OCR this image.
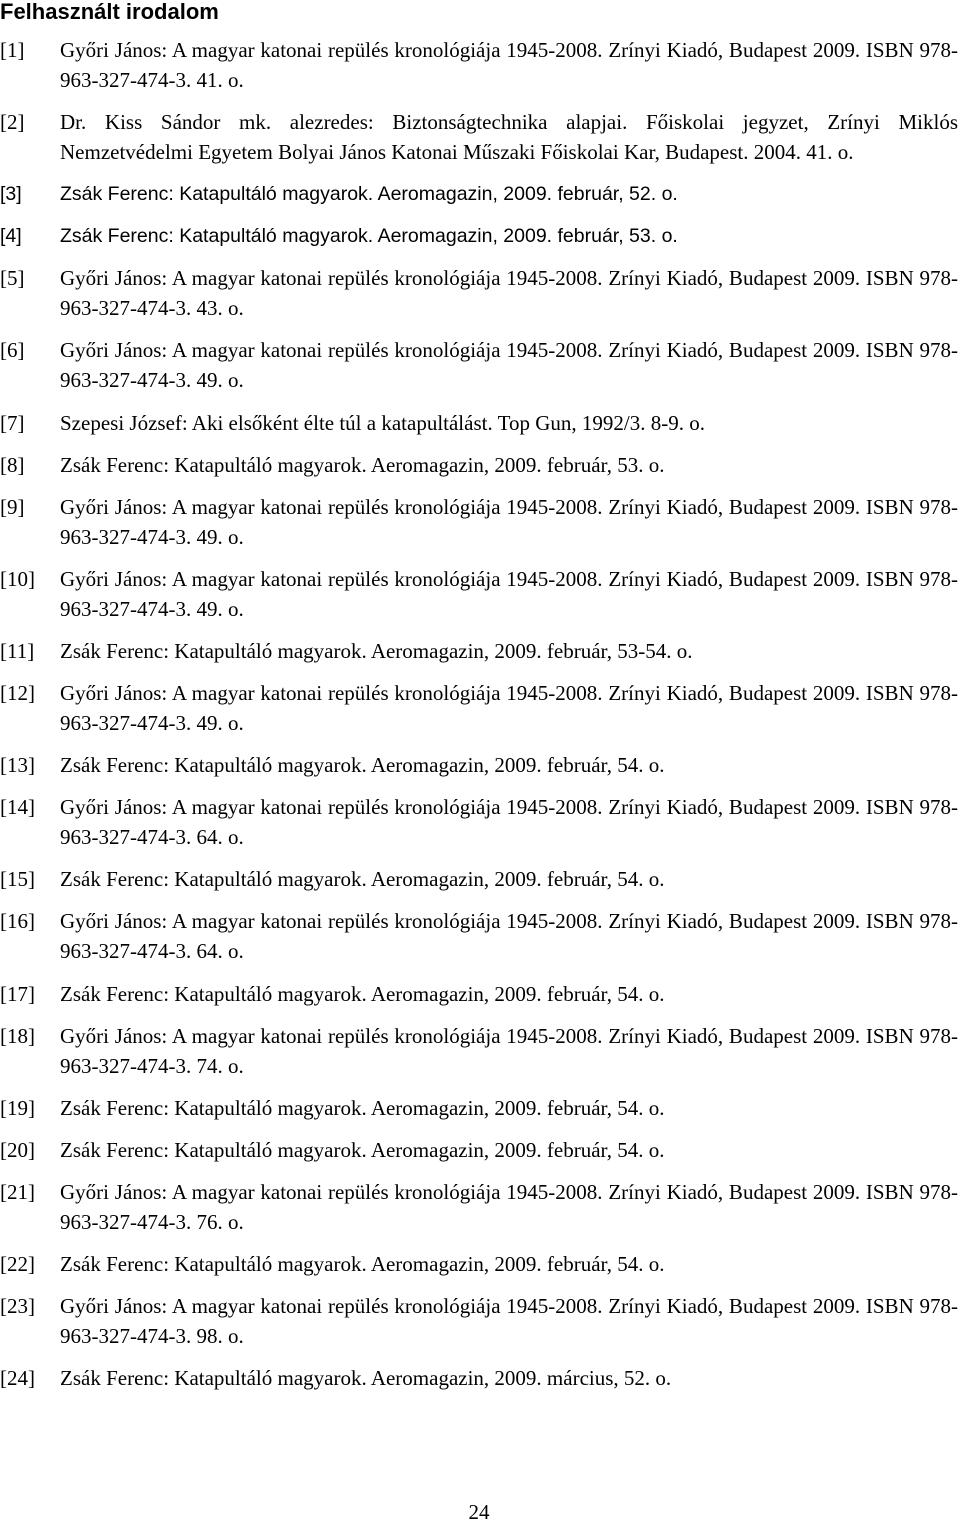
Felhasznált irodalom
[1]	Győri János: A magyar katonai repülés kronológiája 1945-2008. Zrínyi Kiadó, Budapest 2009. ISBN 978-963-327-474-3. 41. o.
[2]	Dr. Kiss Sándor mk. alezredes: Biztonságtechnika alapjai. Főiskolai jegyzet, Zrínyi Miklós Nemzetvédelmi Egyetem Bolyai János Katonai Műszaki Főiskolai Kar, Budapest. 2004. 41. o.
[3]	Zsák Ferenc: Katapultáló magyarok. Aeromagazin, 2009. február, 52. o.
[4]	Zsák Ferenc: Katapultáló magyarok. Aeromagazin, 2009. február, 53. o.
[5]	Győri János: A magyar katonai repülés kronológiája 1945-2008. Zrínyi Kiadó, Budapest 2009. ISBN 978-963-327-474-3. 43. o.
[6]	Győri János: A magyar katonai repülés kronológiája 1945-2008. Zrínyi Kiadó, Budapest 2009. ISBN 978-963-327-474-3. 49. o.
[7]	Szepesi József: Aki elsőként élte túl a katapultálást. Top Gun, 1992/3. 8-9. o.
[8]	Zsák Ferenc: Katapultáló magyarok. Aeromagazin, 2009. február, 53. o.
[9]	Győri János: A magyar katonai repülés kronológiája 1945-2008. Zrínyi Kiadó, Budapest 2009. ISBN 978-963-327-474-3. 49. o.
[10]	Győri János: A magyar katonai repülés kronológiája 1945-2008. Zrínyi Kiadó, Budapest 2009. ISBN 978-963-327-474-3. 49. o.
[11]	Zsák Ferenc: Katapultáló magyarok. Aeromagazin, 2009. február, 53-54. o.
[12]	Győri János: A magyar katonai repülés kronológiája 1945-2008. Zrínyi Kiadó, Budapest 2009. ISBN 978-963-327-474-3. 49. o.
[13]	Zsák Ferenc: Katapultáló magyarok. Aeromagazin, 2009. február, 54. o.
[14]	Győri János: A magyar katonai repülés kronológiája 1945-2008. Zrínyi Kiadó, Budapest 2009. ISBN 978-963-327-474-3. 64. o.
[15]	Zsák Ferenc: Katapultáló magyarok. Aeromagazin, 2009. február, 54. o.
[16]	Győri János: A magyar katonai repülés kronológiája 1945-2008. Zrínyi Kiadó, Budapest 2009. ISBN 978-963-327-474-3. 64. o.
[17]	Zsák Ferenc: Katapultáló magyarok. Aeromagazin, 2009. február, 54. o.
[18]	Győri János: A magyar katonai repülés kronológiája 1945-2008. Zrínyi Kiadó, Budapest 2009. ISBN 978-963-327-474-3. 74. o.
[19]	Zsák Ferenc: Katapultáló magyarok. Aeromagazin, 2009. február, 54. o.
[20]	Zsák Ferenc: Katapultáló magyarok. Aeromagazin, 2009. február, 54. o.
[21]	Győri János: A magyar katonai repülés kronológiája 1945-2008. Zrínyi Kiadó, Budapest 2009. ISBN 978-963-327-474-3. 76. o.
[22]	Zsák Ferenc: Katapultáló magyarok. Aeromagazin, 2009. február, 54. o.
[23]	Győri János: A magyar katonai repülés kronológiája 1945-2008. Zrínyi Kiadó, Budapest 2009. ISBN 978-963-327-474-3. 98. o.
[24]	Zsák Ferenc: Katapultáló magyarok. Aeromagazin, 2009. március, 52. o.
24
